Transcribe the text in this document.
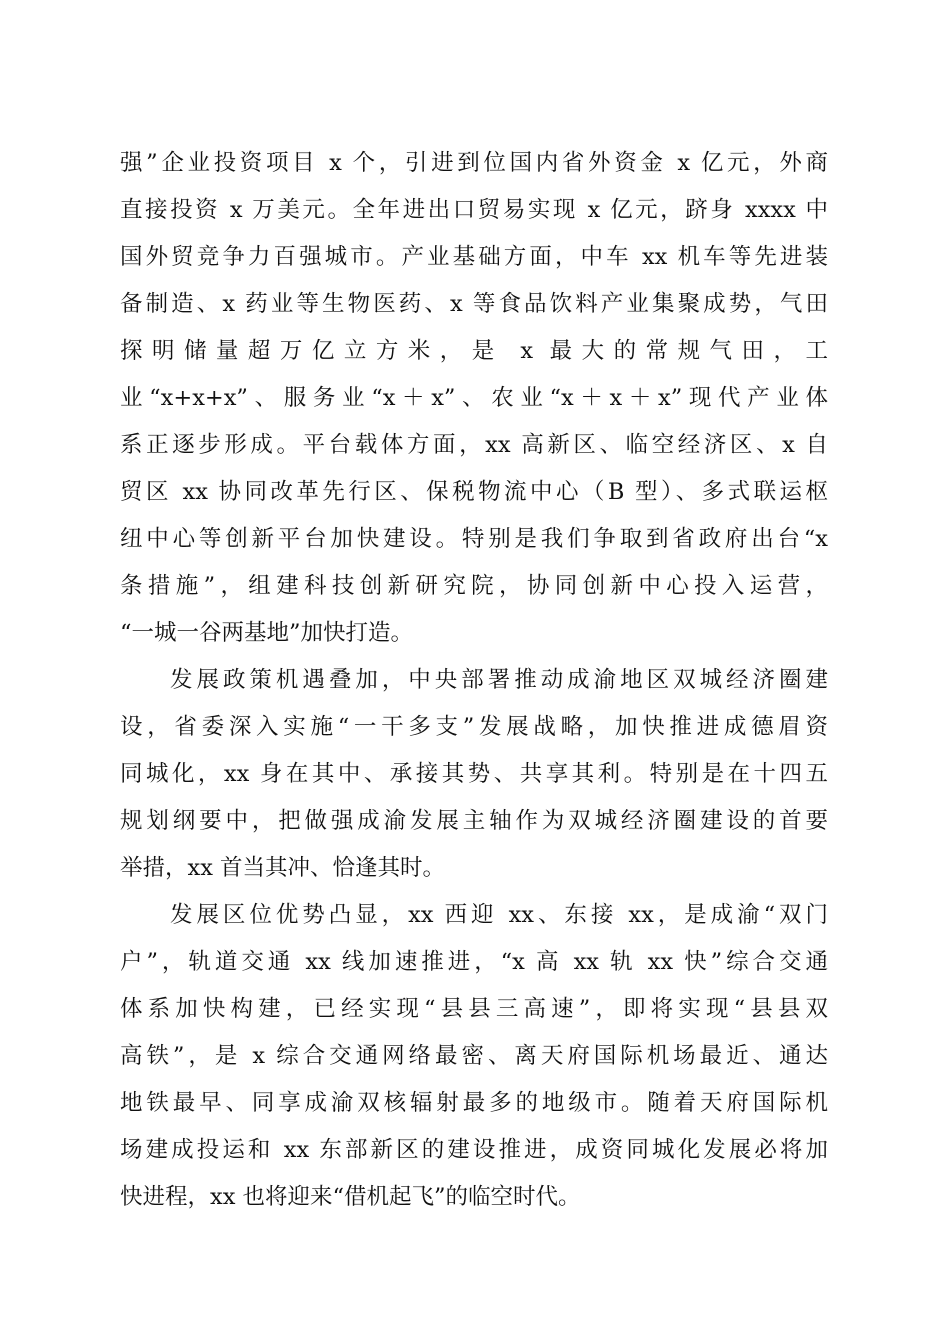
强”企业投资项目 x 个，引进到位国内省外资金 x 亿元，外商
直接投资 x 万美元。全年进出口贸易实现 x 亿元，跻身 xxxx 中
国外贸竞争力百强城市。产业基础方面，中车 xx 机车等先进装
备制造、x 药业等生物医药、x 等食品饮料产业集聚成势，气田
探明储量超万亿立方米，是 x 最大的常规气田，工
业“x+x+x”、服务业“x＋x”、农业“x＋x＋x”现代产业体
系正逐步形成。平台载体方面，xx 高新区、临空经济区、x 自
贸区 xx 协同改革先行区、保税物流中心（B 型）、多式联运枢
纽中心等创新平台加快建设。特别是我们争取到省政府出台“x
条措施”，组建科技创新研究院，协同创新中心投入运营，
“一城一谷两基地”加快打造。
发展政策机遇叠加，中央部署推动成渝地区双城经济圈建
设，省委深入实施“一干多支”发展战略，加快推进成德眉资
同城化，xx 身在其中、承接其势、共享其利。特别是在十四五
规划纲要中，把做强成渝发展主轴作为双城经济圈建设的首要
举措，xx 首当其冲、恰逢其时。
发展区位优势凸显，xx 西迎 xx、东接 xx，是成渝“双门
户”，轨道交通 xx 线加速推进，“x 高 xx 轨 xx 快”综合交通
体系加快构建，已经实现“县县三高速”，即将实现“县县双
高铁”，是 x 综合交通网络最密、离天府国际机场最近、通达
地铁最早、同享成渝双核辐射最多的地级市。随着天府国际机
场建成投运和 xx 东部新区的建设推进，成资同城化发展必将加
快进程，xx 也将迎来“借机起飞”的临空时代。
